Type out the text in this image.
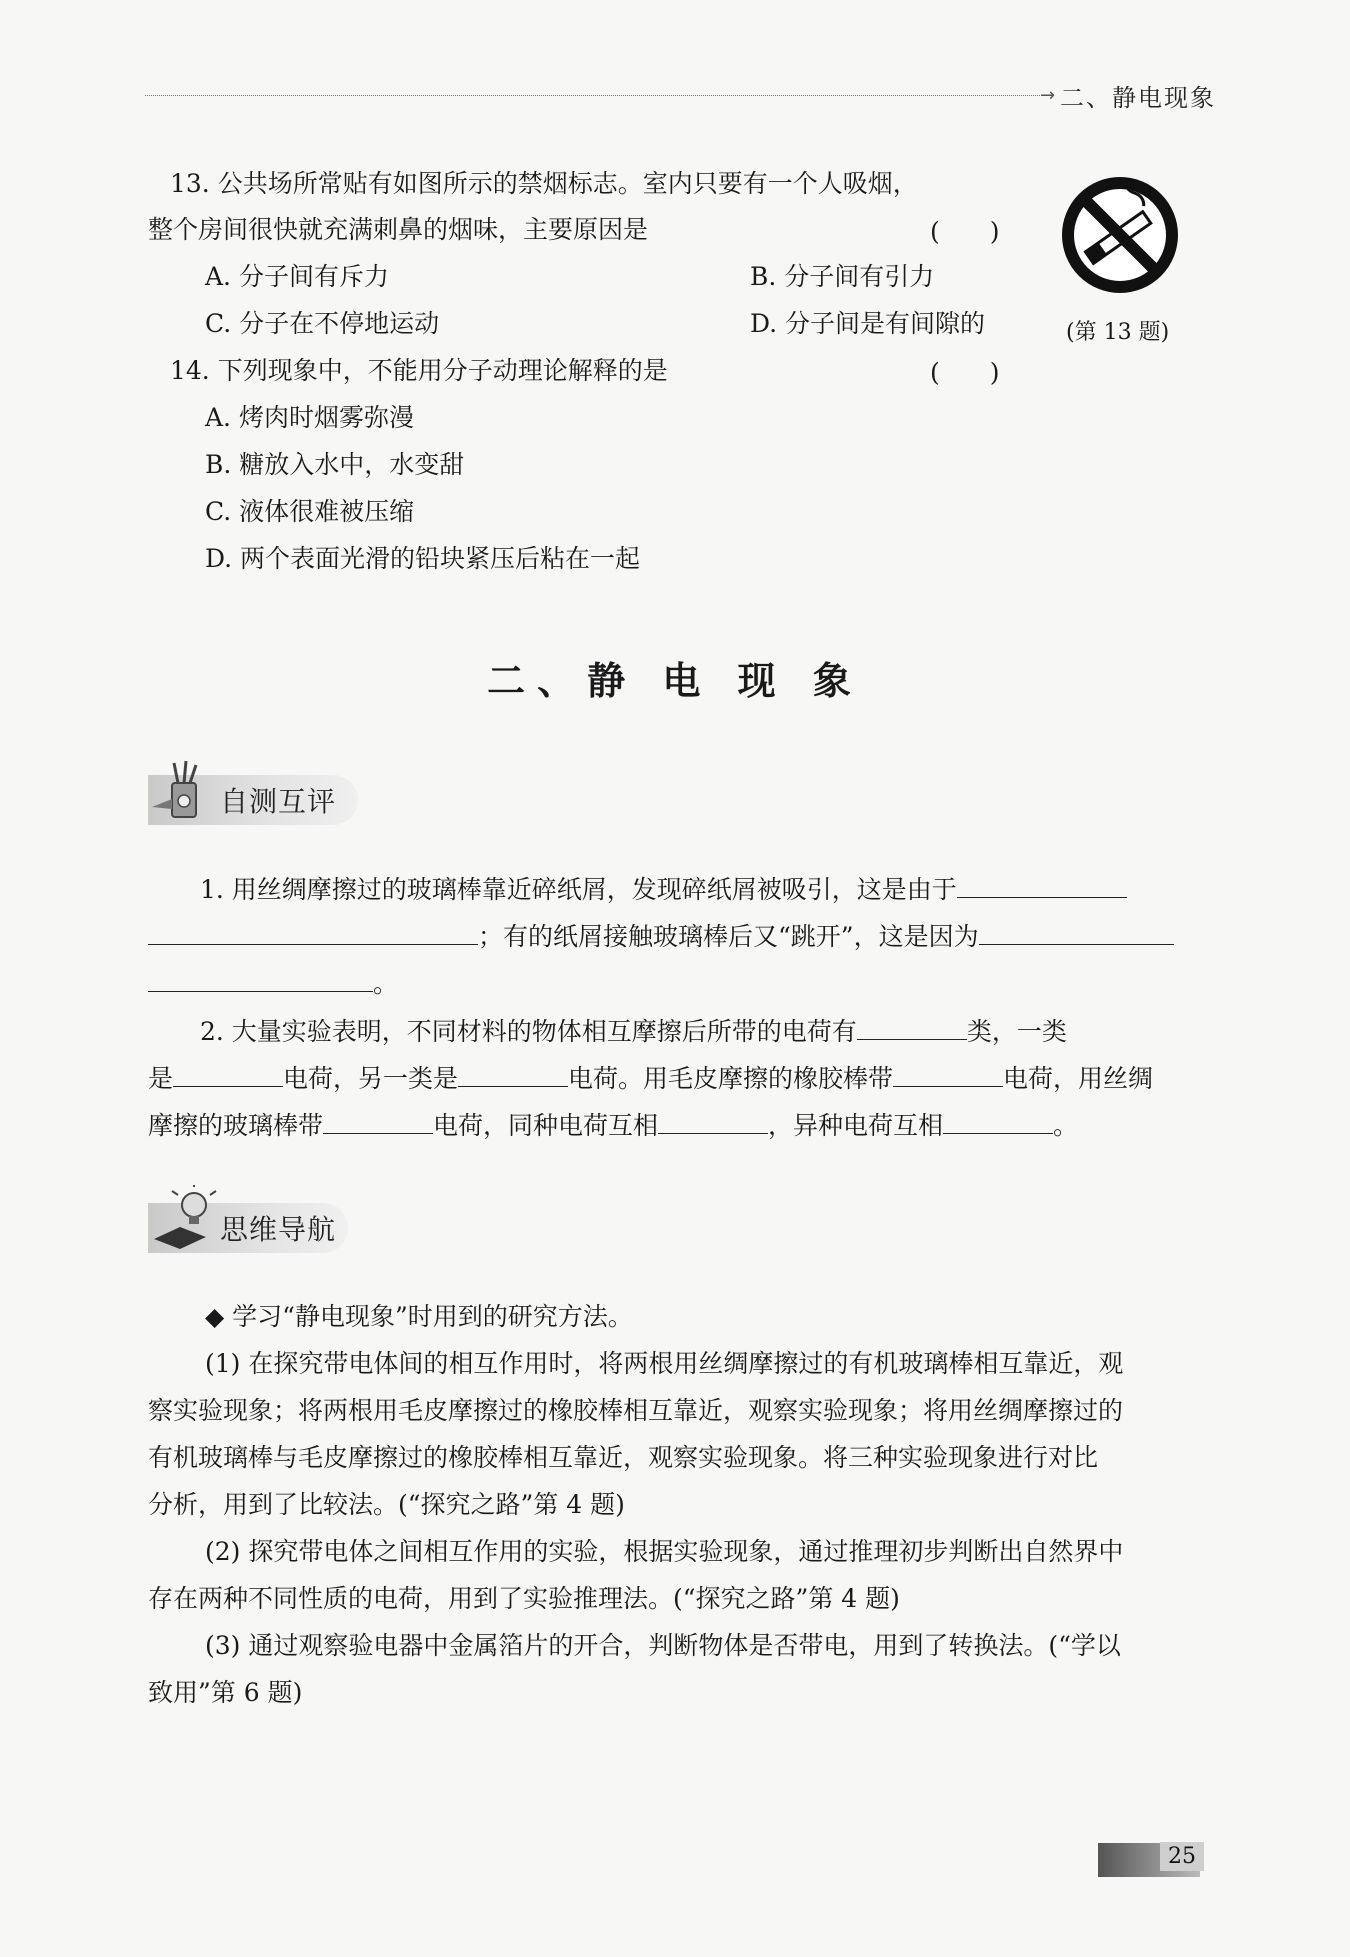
→ 二、静电现象
13. 公共场所常贴有如图所示的禁烟标志。室内只要有一个人吸烟，
整个房间很快就充满刺鼻的烟味，主要原因是	(　　)
A. 分子间有斥力	B. 分子间有引力
C. 分子在不停地运动	D. 分子间是有间隙的	(第 13 题)
14. 下列现象中，不能用分子动理论解释的是	(　　)
A. 烤肉时烟雾弥漫
B. 糖放入水中，水变甜
C. 液体很难被压缩
D. 两个表面光滑的铅块紧压后粘在一起
二、静 电 现 象
自测互评
1. 用丝绸摩擦过的玻璃棒靠近碎纸屑，发现碎纸屑被吸引，这是由于
；有的纸屑接触玻璃棒后又“跳开”，这是因为
。
2. 大量实验表明，不同材料的物体相互摩擦后所带的电荷有	类，一类
是	电荷，另一类是	电荷。用毛皮摩擦的橡胶棒带	电荷，用丝绸
摩擦的玻璃棒带	电荷，同种电荷互相	，异种电荷互相	。
思维导航
◆ 学习“静电现象”时用到的研究方法。
(1) 在探究带电体间的相互作用时，将两根用丝绸摩擦过的有机玻璃棒相互靠近，观
察实验现象；将两根用毛皮摩擦过的橡胶棒相互靠近，观察实验现象；将用丝绸摩擦过的
有机玻璃棒与毛皮摩擦过的橡胶棒相互靠近，观察实验现象。将三种实验现象进行对比
分析，用到了比较法。(“探究之路”第 4 题)
(2) 探究带电体之间相互作用的实验，根据实验现象，通过推理初步判断出自然界中
存在两种不同性质的电荷，用到了实验推理法。(“探究之路”第 4 题)
(3) 通过观察验电器中金属箔片的开合，判断物体是否带电，用到了转换法。(“学以
致用”第 6 题)
25
